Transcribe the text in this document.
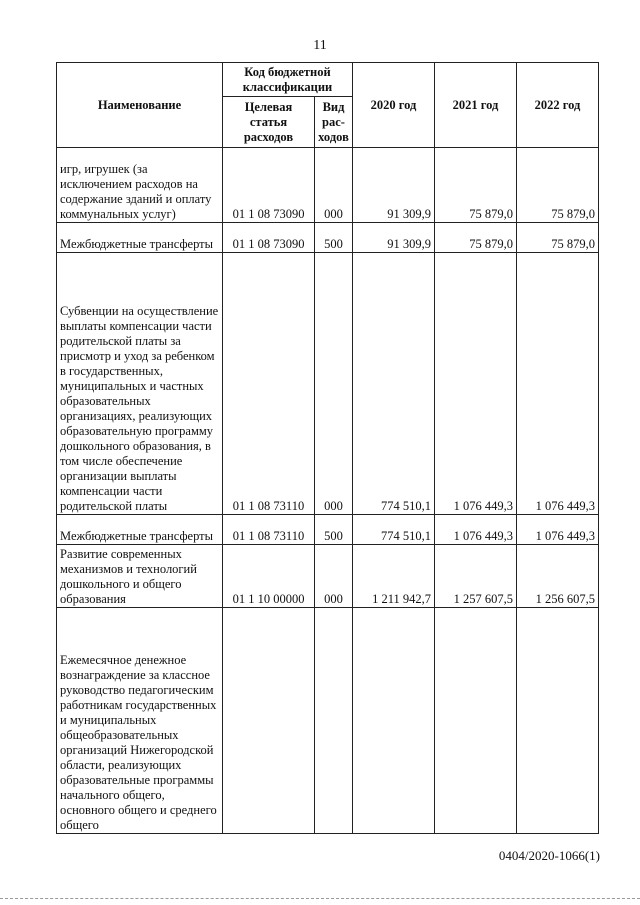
11
Наименование	Код бюджетной классификации		2020 год	2021 год	2022 год
	Целевая статья расходов	Вид рас-ходов			
игр, игрушек (за исключением расходов на содержание зданий и оплату коммунальных услуг)	01 1 08 73090	000	91 309,9	75 879,0	75 879,0
Межбюджетные трансферты	01 1 08 73090	500	91 309,9	75 879,0	75 879,0
Субвенции на осуществление выплаты компенсации части родительской платы за присмотр и уход за ребенком в государственных, муниципальных и частных образовательных организациях, реализующих образовательную программу дошкольного образования, в том числе обеспечение организации выплаты компенсации части родительской платы	01 1 08 73110	000	774 510,1	1 076 449,3	1 076 449,3
Межбюджетные трансферты	01 1 08 73110	500	774 510,1	1 076 449,3	1 076 449,3
Развитие современных механизмов и технологий дошкольного и общего образования	01 1 10 00000	000	1 211 942,7	1 257 607,5	1 256 607,5
Ежемесячное денежное вознаграждение за классное руководство педагогическим работникам государственных и муниципальных общеобразовательных организаций Нижегородской области, реализующих образовательные программы начального общего, основного общего и среднего общего					
0404/2020-1066(1)
